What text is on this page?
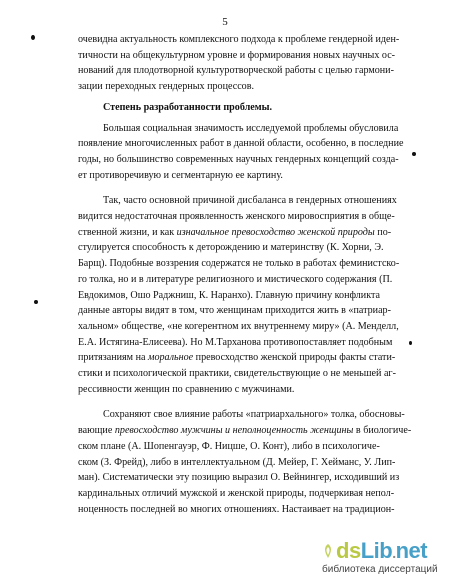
5
очевидна актуальность комплексного подхода к проблеме гендерной иден-
тичности на общекультурном уровне и формирования новых научных ос-
нований для плодотворной культуротворческой работы с целью гармони-
зации переходных гендерных процессов.
Степень разработанности проблемы.
Большая социальная значимость исследуемой проблемы обусловила
появление многочисленных работ в данной области, особенно, в последние
годы, но большинство современных научных гендерных концепций созда-
ет противоречивую и сегментарную ее картину.
Так, часто основной причиной дисбаланса в гендерных отношениях
видится недостаточная проявленность женского мировосприятия в обще-
ственной жизни, и как изначальное превосходство женской природы по-
стулируется способность к деторождению и материнству (К. Хорни, Э.
Барщ). Подобные воззрения содержатся не только в работах феминистско-
го толка, но и в литературе религиозного и мистического содержания (П.
Евдокимов, Ошо Раджниш, К. Наранхо). Главную причину конфликта
данные авторы видят в том, что женщинам приходится жить в «патриар-
хальном» обществе, «не когерентном их внутреннему миру» (А. Менделл,
Е.А. Истягина-Елисеева). Но М.Тарханова противопоставляет подобным
притязаниям на моральное превосходство женской природы факты стати-
стики и психологической практики, свидетельствующие о не меньшей аг-
рессивности женщин по сравнению с мужчинами.
Сохраняют свое влияние работы «патриархального» толка, обосновы-
вающие превосходство мужчины и неполноценность женщины в биологиче-
ском плане (А. Шопенгауэр, Ф. Ницше, О. Конт), либо в психологиче-
ском (З. Фрейд), либо в интеллектуальном (Д. Мейер, Г. Хейманс, У. Лип-
ман). Систематически эту позицию выразил О. Вейнингер, исходивший из
кардинальных отличий мужской и женской природы, подчеркивая непол-
ноценность последней во многих отношениях. Настаивает на традицион-
dsLib.net
библиотека диссертаций
